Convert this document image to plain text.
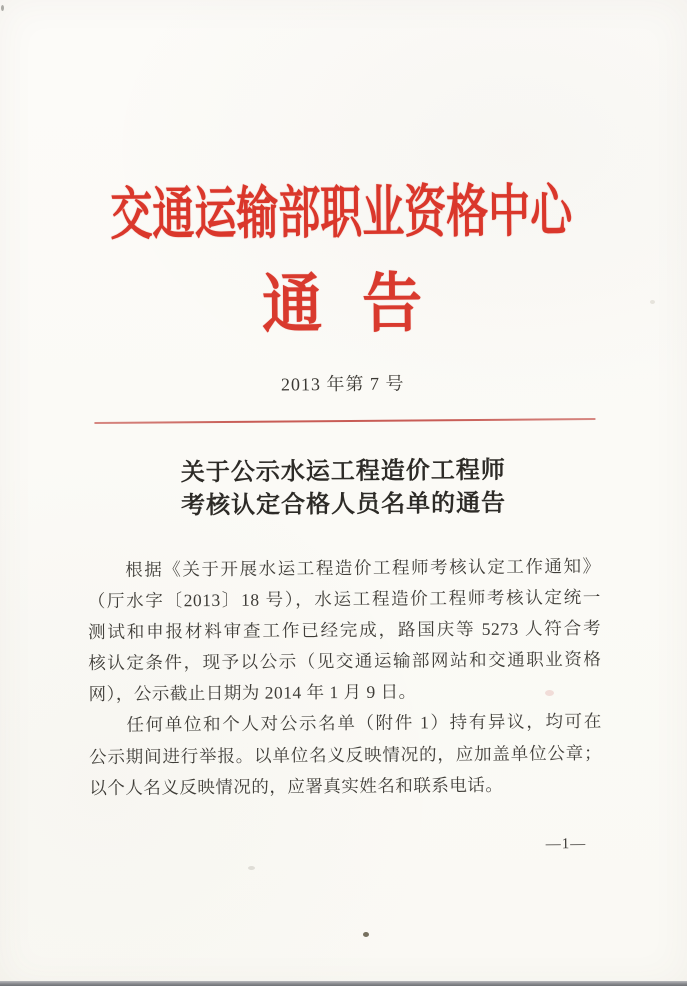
交通运输部职业资格中心
通 告
2013 年第 7 号
关于公示水运工程造价工程师
考核认定合格人员名单的通告
根据《关于开展水运工程造价工程师考核认定工作通知》
（厅水字〔2013〕18 号），水运工程造价工程师考核认定统一
测试和申报材料审查工作已经完成，路国庆等 5273 人符合考
核认定条件，现予以公示（见交通运输部网站和交通职业资格
网），公示截止日期为 2014 年 1 月 9 日。
任何单位和个人对公示名单（附件 1）持有异议，均可在
公示期间进行举报。以单位名义反映情况的，应加盖单位公章；
以个人名义反映情况的，应署真实姓名和联系电话。
—1—
